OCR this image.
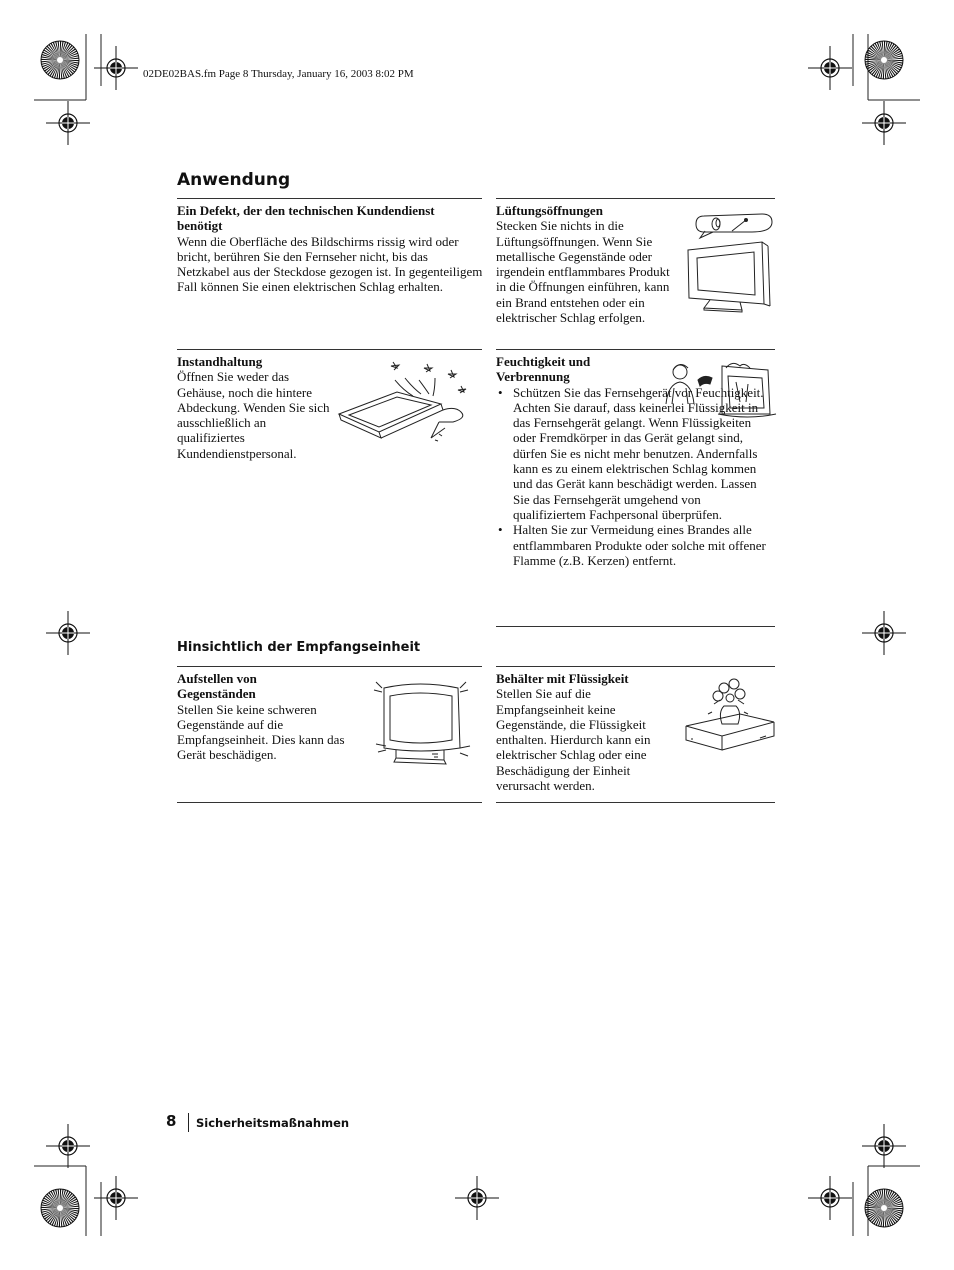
02DE02BAS.fm Page 8 Thursday, January 16, 2003 8:02 PM
Anwendung
Ein Defekt, der den technischen Kundendienst benötigt

Wenn die Oberfläche des Bildschirms rissig wird oder bricht, berühren Sie den Fernseher nicht, bis das Netzkabel aus der Steckdose gezogen ist. In gegenteiligem Fall können Sie einen elektrischen Schlag erhalten.

Lüftungsöffnungen

Stecken Sie nichts in die Lüftungsöffnungen. Wenn Sie metallische Gegenstände oder irgendein entflammbares Produkt in die Öffnungen einführen, kann ein Brand entstehen oder ein elektrischer Schlag erfolgen.

Instandhaltung

Öffnen Sie weder das Gehäuse, noch die hintere Abdeckung. Wenden Sie sich ausschließlich an qualifiziertes Kundendienstpersonal.

Feuchtigkeit und Verbrennung
• Schützen Sie das Fernsehgerät vor Feuchtigkeit. Achten Sie darauf, dass keinerlei Flüssigkeit in das Fernsehgerät gelangt. Wenn Flüssigkeiten oder Fremdkörper in das Gerät gelangt sind, dürfen Sie es nicht mehr benutzen. Andernfalls kann es zu einem elektrischen Schlag kommen und das Gerät kann beschädigt werden. Lassen Sie das Fernsehgerät umgehend von qualifiziertem Fachpersonal überprüfen.
• Halten Sie zur Vermeidung eines Brandes alle entflammbaren Produkte oder solche mit offener Flamme (z.B. Kerzen) entfernt.
Hinsichtlich der Empfangseinheit
Aufstellen von Gegenständen

Stellen Sie keine schweren Gegenstände auf die Empfangseinheit. Dies kann das Gerät beschädigen.

Behälter mit Flüssigkeit

Stellen Sie auf die Empfangseinheit keine Gegenstände, die Flüssigkeit enthalten. Hierdurch kann ein elektrischer Schlag oder eine Beschädigung der Einheit verursacht werden.

8 Sicherheitsmaßnahmen
